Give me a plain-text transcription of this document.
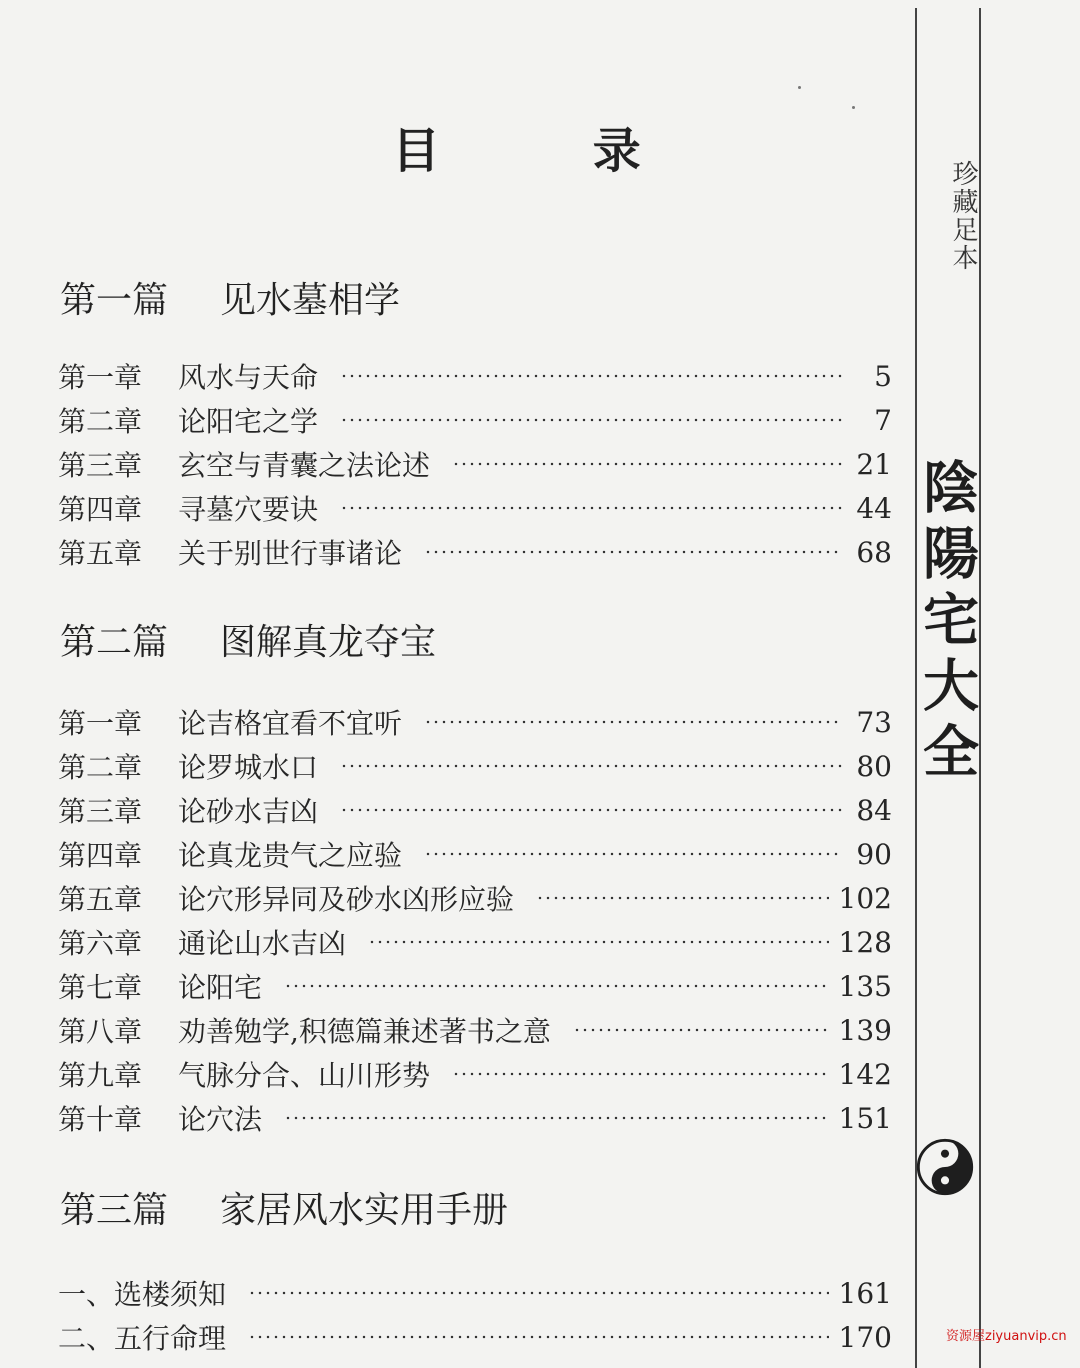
目 录
第一篇 见水墓相学
第一章	风水与天命	5
第二章	论阳宅之学	7
第三章	玄空与青囊之法论述	21
第四章	寻墓穴要诀	44
第五章	关于别世行事诸论	68
第二篇 图解真龙夺宝
第一章	论吉格宜看不宜听	73
第二章	论罗城水口	80
第三章	论砂水吉凶	84
第四章	论真龙贵气之应验	90
第五章	论穴形异同及砂水凶形应验	102
第六章	通论山水吉凶	128
第七章	论阳宅	135
第八章	劝善勉学,积德篇兼述著书之意	139
第九章	气脉分合、山川形势	142
第十章	论穴法	151
第三篇 家居风水实用手册
一、选楼须知	161
二、五行命理	170
珍藏足本
陰陽宅大全
资源屋ziyuanvip.cn
